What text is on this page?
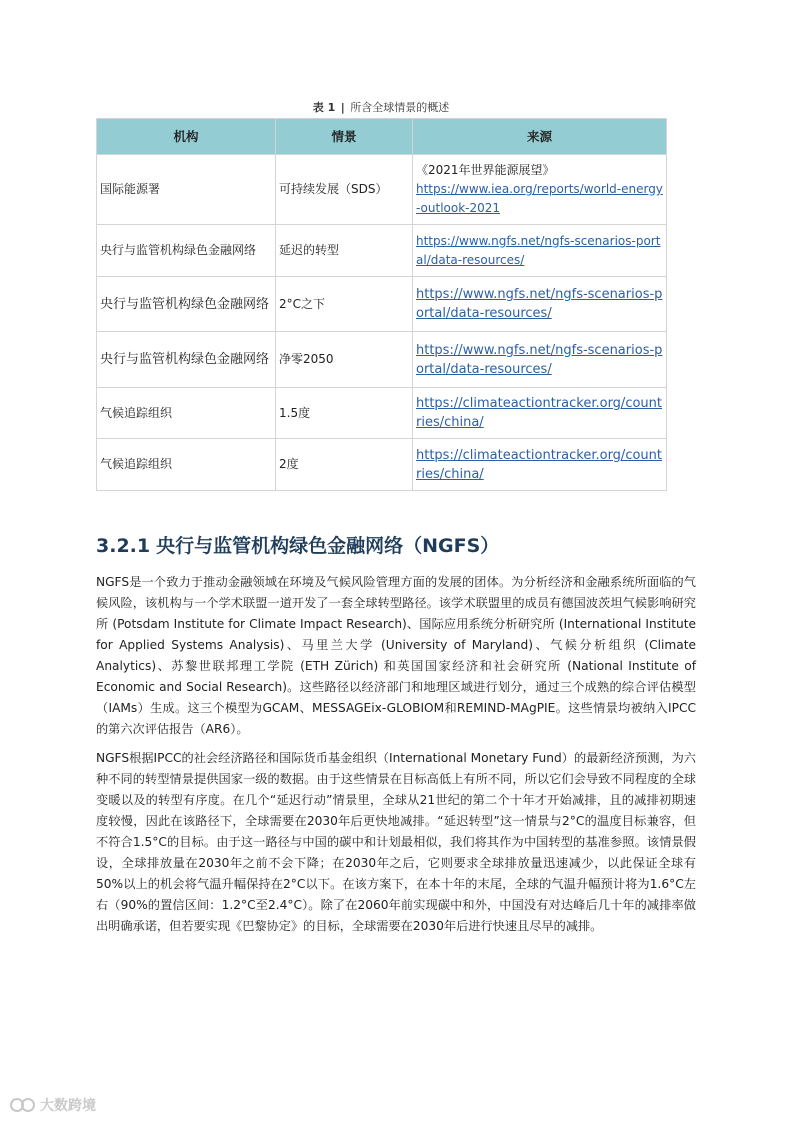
表 1 | 所含全球情景的概述
机构	情景	来源
国际能源署	可持续发展（SDS）	《2021年世界能源展望》
https://www.iea.org/reports/world-energy-outlook-2021
央行与监管机构绿色金融网络	延迟的转型	https://www.ngfs.net/ngfs-scenarios-portal/data-resources/
央行与监管机构绿色金融网络	2°C之下	https://www.ngfs.net/ngfs-scenarios-portal/data-resources/
央行与监管机构绿色金融网络	净零2050	https://www.ngfs.net/ngfs-scenarios-portal/data-resources/
气候追踪组织	1.5度	https://climateactiontracker.org/countries/china/
气候追踪组织	2度	https://climateactiontracker.org/countries/china/
3.2.1 央行与监管机构绿色金融网络（NGFS）

NGFS是一个致力于推动金融领域在环境及气候风险管理方面的发展的团体。为分析经济和金融系统所面临的气候风险，该机构与一个学术联盟一道开发了一套全球转型路径。该学术联盟里的成员有德国波茨坦气候影响研究所 (Potsdam Institute for Climate Impact Research)、国际应用系统分析研究所 (International Institute for Applied Systems Analysis)、马里兰大学 (University of Maryland)、气候分析组织 (Climate Analytics)、苏黎世联邦理工学院 (ETH Zürich) 和英国国家经济和社会研究所 (National Institute of Economic and Social Research)。这些路径以经济部门和地理区域进行划分，通过三个成熟的综合评估模型（IAMs）生成。这三个模型为GCAM、MESSAGEix-GLOBIOM和REMIND-MAgPIE。这些情景均被纳入IPCC的第六次评估报告（AR6）。

NGFS根据IPCC的社会经济路径和国际货币基金组织（International Monetary Fund）的最新经济预测，为六种不同的转型情景提供国家一级的数据。由于这些情景在目标高低上有所不同，所以它们会导致不同程度的全球变暖以及的转型有序度。在几个“延迟行动”情景里，全球从21世纪的第二个十年才开始减排，且的减排初期速度较慢，因此在该路径下，全球需要在2030年后更快地减排。“延迟转型”这一情景与2°C的温度目标兼容，但不符合1.5°C的目标。由于这一路径与中国的碳中和计划最相似，我们将其作为中国转型的基准参照。该情景假设，全球排放量在2030年之前不会下降；在2030年之后，它则要求全球排放量迅速减少，以此保证全球有50%以上的机会将气温升幅保持在2°C以下。在该方案下，在本十年的末尾，全球的气温升幅预计将为1.6°C左右（90%的置信区间：1.2°C至2.4°C）。除了在2060年前实现碳中和外，中国没有对达峰后几十年的减排率做出明确承诺，但若要实现《巴黎协定》的目标，全球需要在2030年后进行快速且尽早的减排。

大数跨境
